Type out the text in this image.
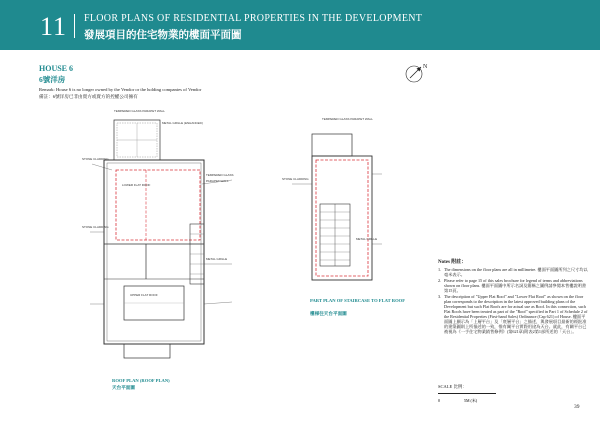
11 FLOOR PLANS OF RESIDENTIAL PROPERTIES IN THE DEVELOPMENT
發展項目的住宅物業的樓面平面圖
HOUSE 6
6號洋房
Remark: House 6 is no longer owned by the Vendor or the holding companies of Vendor
備註：6號洋房已非由賣方或賣方的控權公司擁有
N
TEMPERED GLASS PARAPET WALL
METAL GRILLE (ENHANCED)
STONE CLADDING
LOWER FLAT ROOF
TEMPERED GLASS
PARAPET WALL
STONE CLADDING
METAL GRILLE
UPPER FLAT ROOF
ROOF PLAN (ROOF PLAN)
天台平面圖
TEMPERED GLASS PARAPET WALL
STONE CLADDING
METAL GRILLE
PART PLAN OF STAIRCASE TO FLAT ROOF
樓梯往天台平面圖
Notes 附註：
1. The dimensions on the floor plans are all in millimetre. 樓面平面圖所列之尺寸均以毫米表示。
2. Please refer to page 15 of this sales brochure for legend of terms and abbreviations shown on floor plans. 樓面平面圖中所示名詞及簡稱之圖例請參閱本售樓說明書第15頁。
3. The description of "Upper Flat Roof" and "Lower Flat Roof" as shown on the floor plan corresponds to the description in the latest approved building plans of the Development but such Flat Roofs are for actual use as Roof. In this connection, such Flat Roofs have been treated as part of the "Roof" specified in Part 1 of Schedule 2 of the Residential Properties (First-hand Sales) Ordinance (Cap 621) of House. 樓面平面圖上顯示為「上層平台」及「底層平台」之描述，與發展項目最新的經批准的建築圖則上所描述的一致，惟有關平台實際用途為天台。就此，有關平台已被視為《一手住宅物業銷售條例》(第621章)附表2第1部所述的「天台」。
SCALE 比例：
0	5M (米)
39
